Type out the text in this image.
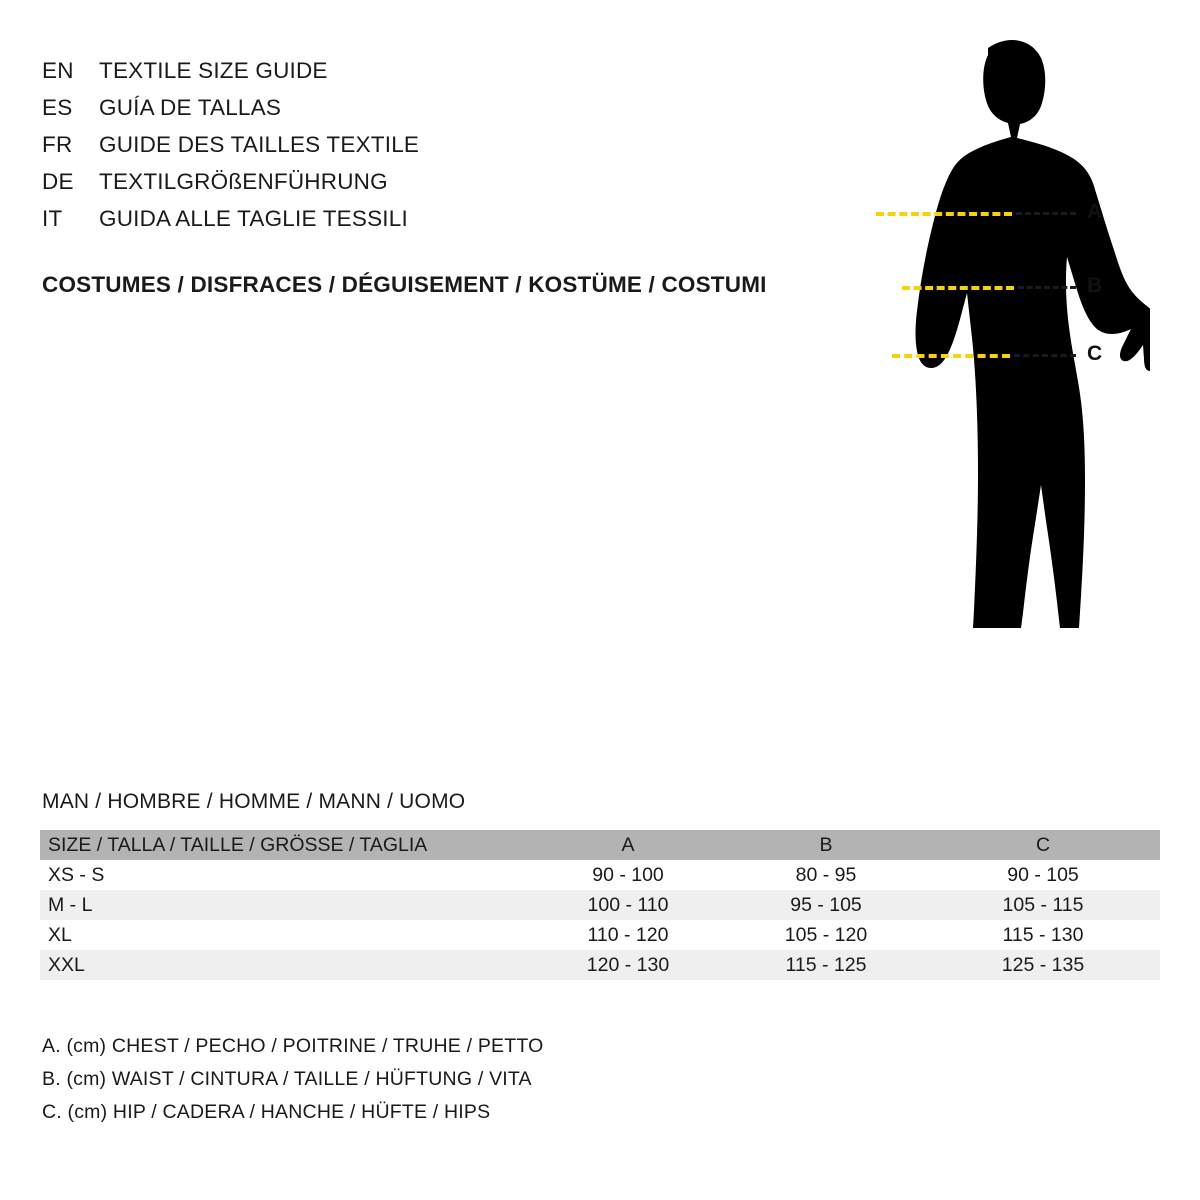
EN	TEXTILE SIZE GUIDE
ES	GUÍA DE TALLAS
FR	GUIDE DES TAILLES TEXTILE
DE	TEXTILGRÖßENFÜHRUNG
IT	GUIDA ALLE TAGLIE TESSILI
COSTUMES / DISFRACES / DÉGUISEMENT / KOSTÜME / COSTUMI
A
B
C
MAN / HOMBRE / HOMME / MANN / UOMO
SIZE / TALLA / TAILLE / GRÖSSE / TAGLIA	A	B	C
XS - S	90 - 100	80 - 95	90 - 105
M - L	100 - 110	95 - 105	105 - 115
XL	110 - 120	105 - 120	115 - 130
XXL	120 - 130	115 - 125	125 - 135
A. (cm) CHEST / PECHO / POITRINE / TRUHE / PETTO
B. (cm) WAIST / CINTURA / TAILLE / HÜFTUNG / VITA
C. (cm) HIP / CADERA / HANCHE / HÜFTE / HIPS
